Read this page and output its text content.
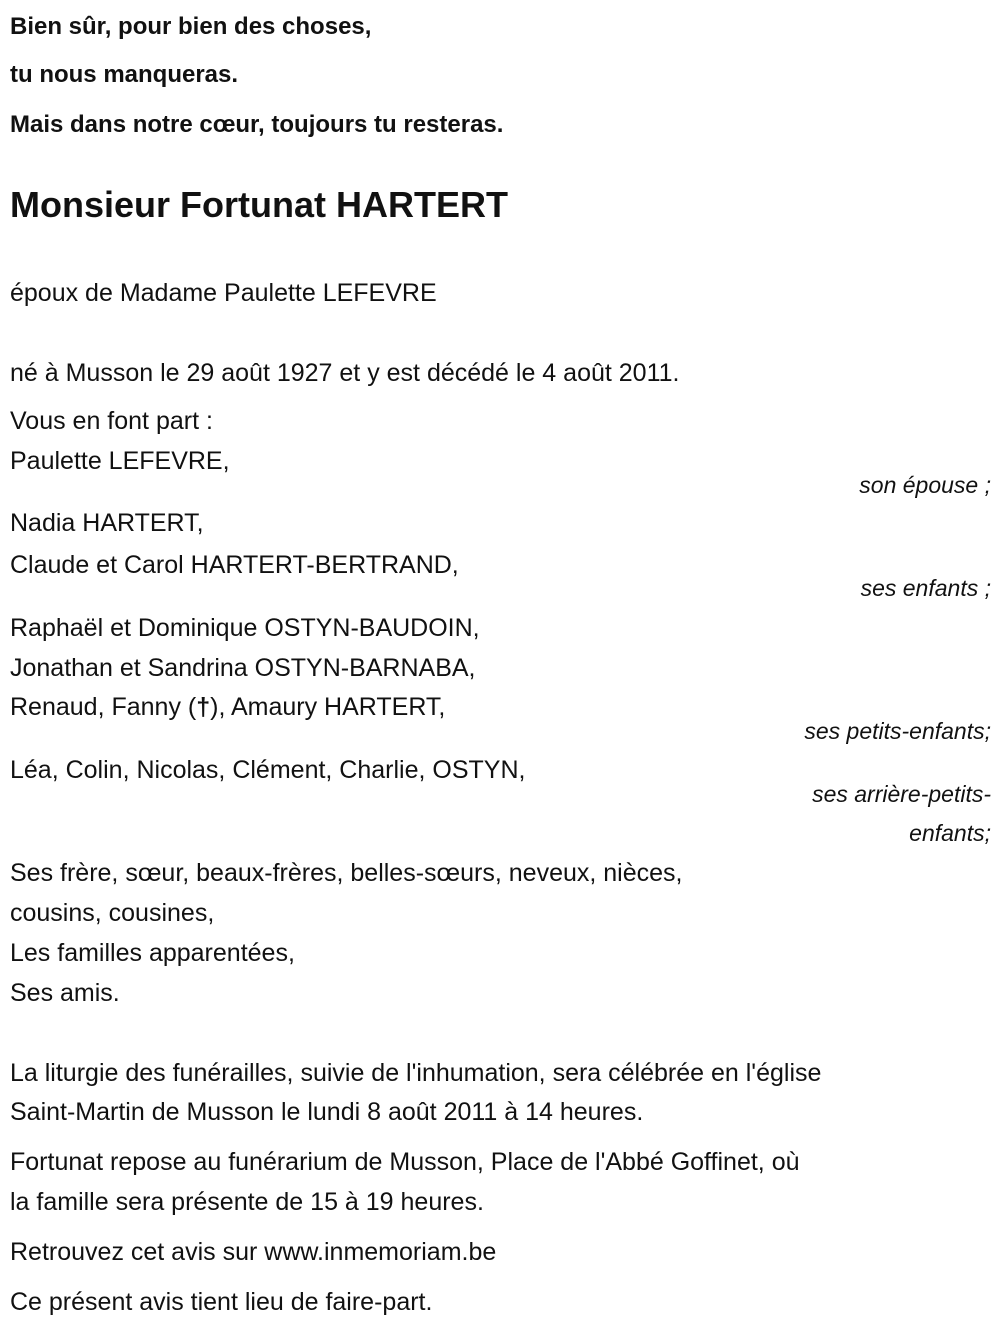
Bien sûr, pour bien des choses,
tu nous manqueras.
Mais dans notre cœur, toujours tu resteras.
Monsieur Fortunat HARTERT
époux de Madame Paulette LEFEVRE
né à Musson le 29 août 1927 et y est décédé le 4 août 2011.
Vous en font part :
Paulette LEFEVRE,
son épouse ;
Nadia HARTERT,
Claude et Carol HARTERT-BERTRAND,
ses enfants ;
Raphaël et Dominique OSTYN-BAUDOIN,
Jonathan et Sandrina OSTYN-BARNABA,
Renaud, Fanny (†), Amaury HARTERT,
ses petits-enfants;
Léa, Colin, Nicolas, Clément, Charlie, OSTYN,
ses arrière-petits-
enfants;
Ses frère, sœur, beaux-frères, belles-sœurs, neveux, nièces,
cousins, cousines,
Les familles apparentées,
Ses amis.
La liturgie des funérailles, suivie de l'inhumation, sera célébrée en l'église
Saint-Martin de Musson le lundi 8 août 2011 à 14 heures.
Fortunat repose au funérarium de Musson, Place de l'Abbé Goffinet, où
la famille sera présente de 15 à 19 heures.
Retrouvez cet avis sur www.inmemoriam.be
Ce présent avis tient lieu de faire-part.
